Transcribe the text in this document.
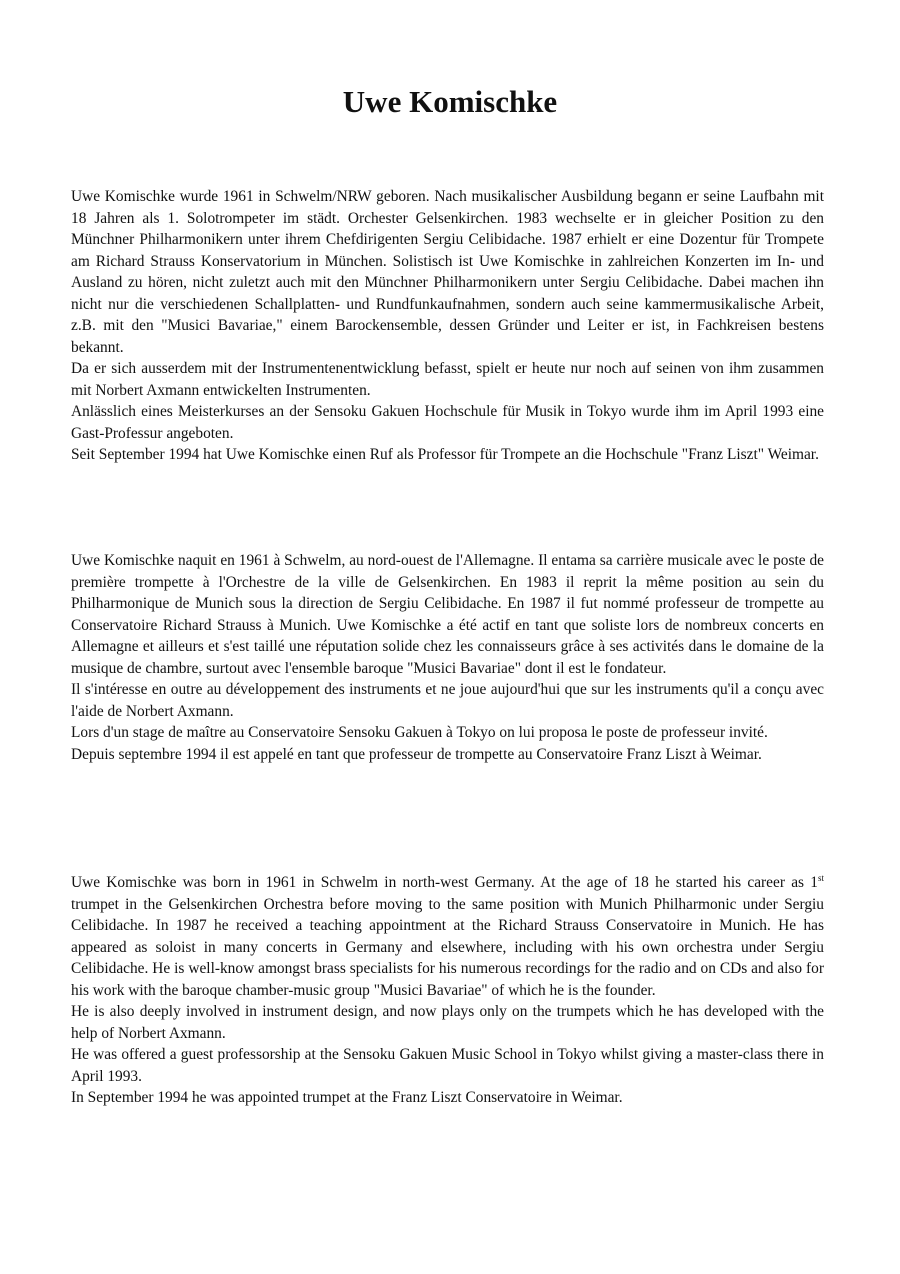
Uwe Komischke

Uwe Komischke wurde 1961 in Schwelm/NRW geboren. Nach musikalischer Ausbildung begann er seine Laufbahn mit 18 Jahren als 1. Solotrompeter im städt. Orchester Gelsenkirchen. 1983 wechselte er in gleicher Position zu den Münchner Philharmonikern unter ihrem Chefdirigenten Sergiu Celibidache. 1987 erhielt er eine Dozentur für Trompete am Richard Strauss Konservatorium in München. Solistisch ist Uwe Komischke in zahlreichen Konzerten im In- und Ausland zu hören, nicht zuletzt auch mit den Münchner Philharmonikern unter Sergiu Celibidache. Dabei machen ihn nicht nur die verschiedenen Schallplatten- und Rundfunkaufnahmen, sondern auch seine kammermusikalische Arbeit, z.B. mit den "Musici Bavariae," einem Barockensemble, dessen Gründer und Leiter er ist, in Fachkreisen bestens bekannt.

Da er sich ausserdem mit der Instrumentenentwicklung befasst, spielt er heute nur noch auf seinen von ihm zusammen mit Norbert Axmann entwickelten Instrumenten.

Anlässlich eines Meisterkurses an der Sensoku Gakuen Hochschule für Musik in Tokyo wurde ihm im April 1993 eine Gast-Professur angeboten.

Seit September 1994 hat Uwe Komischke einen Ruf als Professor für Trompete an die Hochschule "Franz Liszt" Weimar.

Uwe Komischke naquit en 1961 à Schwelm, au nord-ouest de l'Allemagne. Il entama sa carrière musicale avec le poste de première trompette à l'Orchestre de la ville de Gelsenkirchen. En 1983 il reprit la même position au sein du Philharmonique de Munich sous la direction de Sergiu Celibidache. En 1987 il fut nommé professeur de trompette au Conservatoire Richard Strauss à Munich. Uwe Komischke a été actif en tant que soliste lors de nombreux concerts en Allemagne et ailleurs et s'est taillé une réputation solide chez les connaisseurs grâce à ses activités dans le domaine de la musique de chambre, surtout avec l'ensemble baroque "Musici Bavariae" dont il est le fondateur.

Il s'intéresse en outre au développement des instruments et ne joue aujourd'hui que sur les instruments qu'il a conçu avec l'aide de Norbert Axmann.

Lors d'un stage de maître au Conservatoire Sensoku Gakuen à Tokyo on lui proposa le poste de professeur invité.

Depuis septembre 1994 il est appelé en tant que professeur de trompette au Conservatoire Franz Liszt à Weimar.

Uwe Komischke was born in 1961 in Schwelm in north-west Germany. At the age of 18 he started his career as 1st trumpet in the Gelsenkirchen Orchestra before moving to the same position with Munich Philharmonic under Sergiu Celibidache. In 1987 he received a teaching appointment at the Richard Strauss Conservatoire in Munich. He has appeared as soloist in many concerts in Germany and elsewhere, including with his own orchestra under Sergiu Celibidache. He is well-know amongst brass specialists for his numerous recordings for the radio and on CDs and also for his work with the baroque chamber-music group "Musici Bavariae" of which he is the founder.

He is also deeply involved in instrument design, and now plays only on the trumpets which he has developed with the help of Norbert Axmann.

He was offered a guest professorship at the Sensoku Gakuen Music School in Tokyo whilst giving a master-class there in April 1993.

In September 1994 he was appointed trumpet at the Franz Liszt Conservatoire in Weimar.
